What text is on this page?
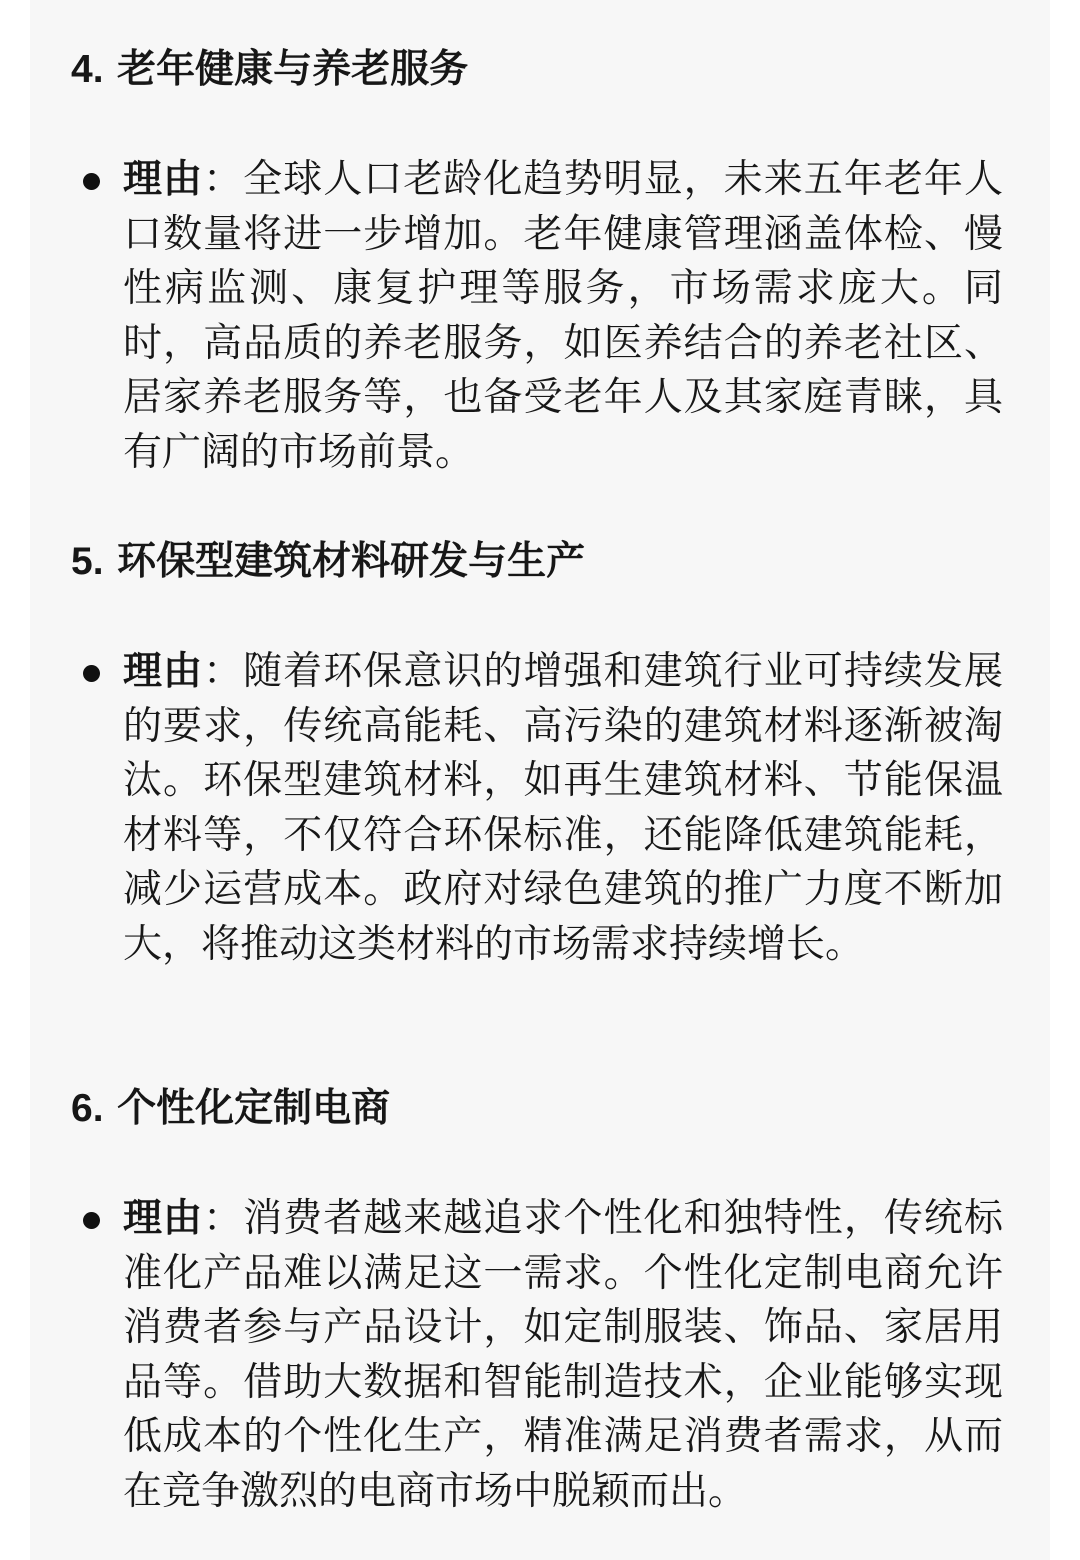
4. 老年健康与养老服务

理由：全球人口老龄化趋势明显，未来五年老年人口数量将进一步增加。老年健康管理涵盖体检、慢性病监测、康复护理等服务，市场需求庞大。同时，高品质的养老服务，如医养结合的养老社区、居家养老服务等，也备受老年人及其家庭青睐，具有广阔的市场前景。

5. 环保型建筑材料研发与生产

理由：随着环保意识的增强和建筑行业可持续发展的要求，传统高能耗、高污染的建筑材料逐渐被淘汰。环保型建筑材料，如再生建筑材料、节能保温材料等，不仅符合环保标准，还能降低建筑能耗，减少运营成本。政府对绿色建筑的推广力度不断加大，将推动这类材料的市场需求持续增长。

6. 个性化定制电商

理由：消费者越来越追求个性化和独特性，传统标准化产品难以满足这一需求。个性化定制电商允许消费者参与产品设计，如定制服装、饰品、家居用品等。借助大数据和智能制造技术，企业能够实现低成本的个性化生产，精准满足消费者需求，从而在竞争激烈的电商市场中脱颖而出。
